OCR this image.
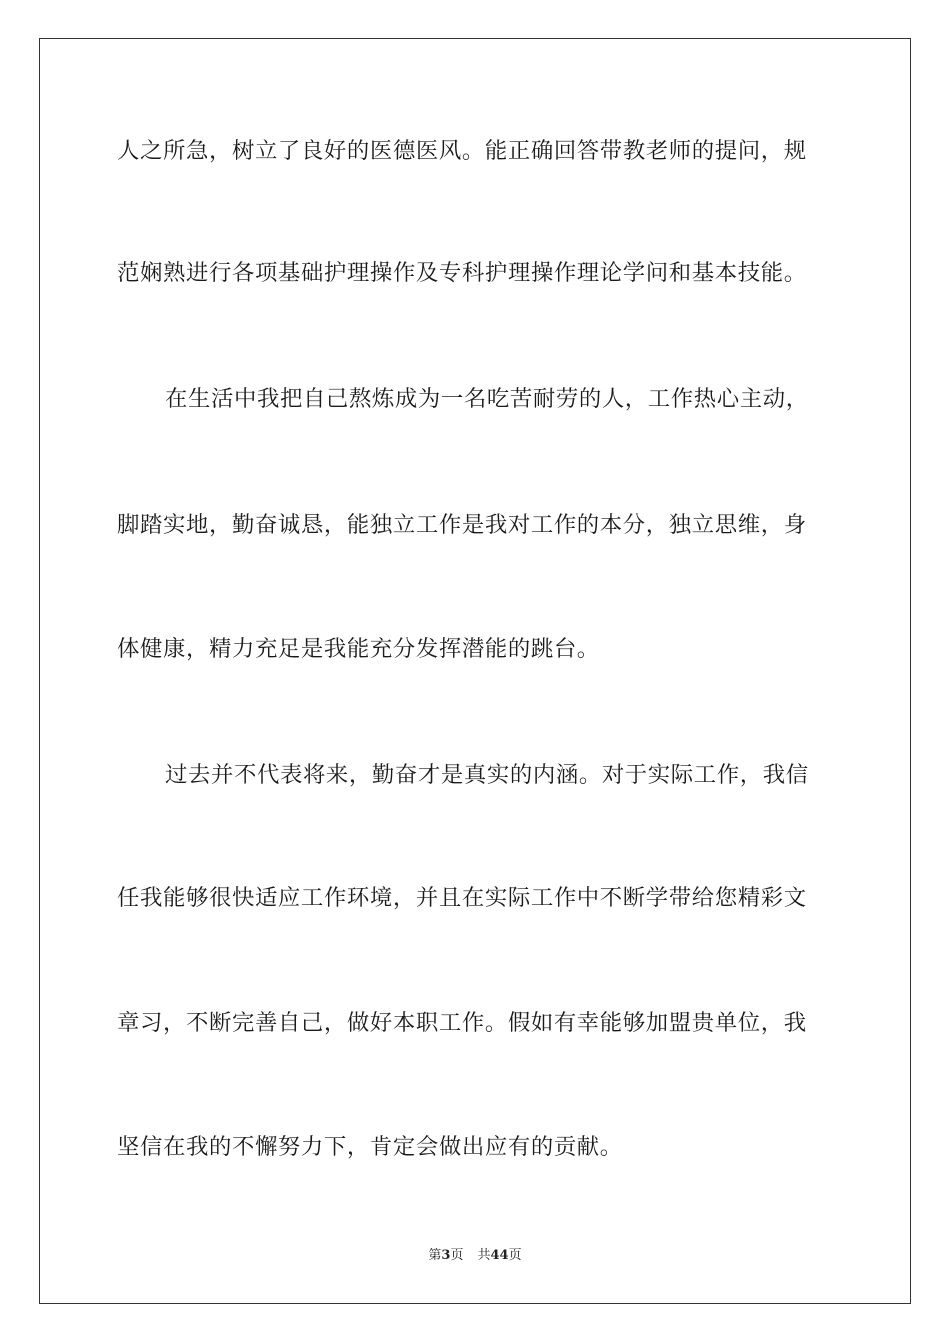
人之所急，树立了良好的医德医风。能正确回答带教老师的提问，规
范娴熟进行各项基础护理操作及专科护理操作理论学问和基本技能。
在生活中我把自己熬炼成为一名吃苦耐劳的人，工作热心主动，
脚踏实地，勤奋诚恳，能独立工作是我对工作的本分，独立思维，身
体健康，精力充足是我能充分发挥潜能的跳台。
过去并不代表将来，勤奋才是真实的内涵。对于实际工作，我信
任我能够很快适应工作环境，并且在实际工作中不断学带给您精彩文
章习，不断完善自己，做好本职工作。假如有幸能够加盟贵单位，我
坚信在我的不懈努力下，肯定会做出应有的贡献。
第3页 共44页
